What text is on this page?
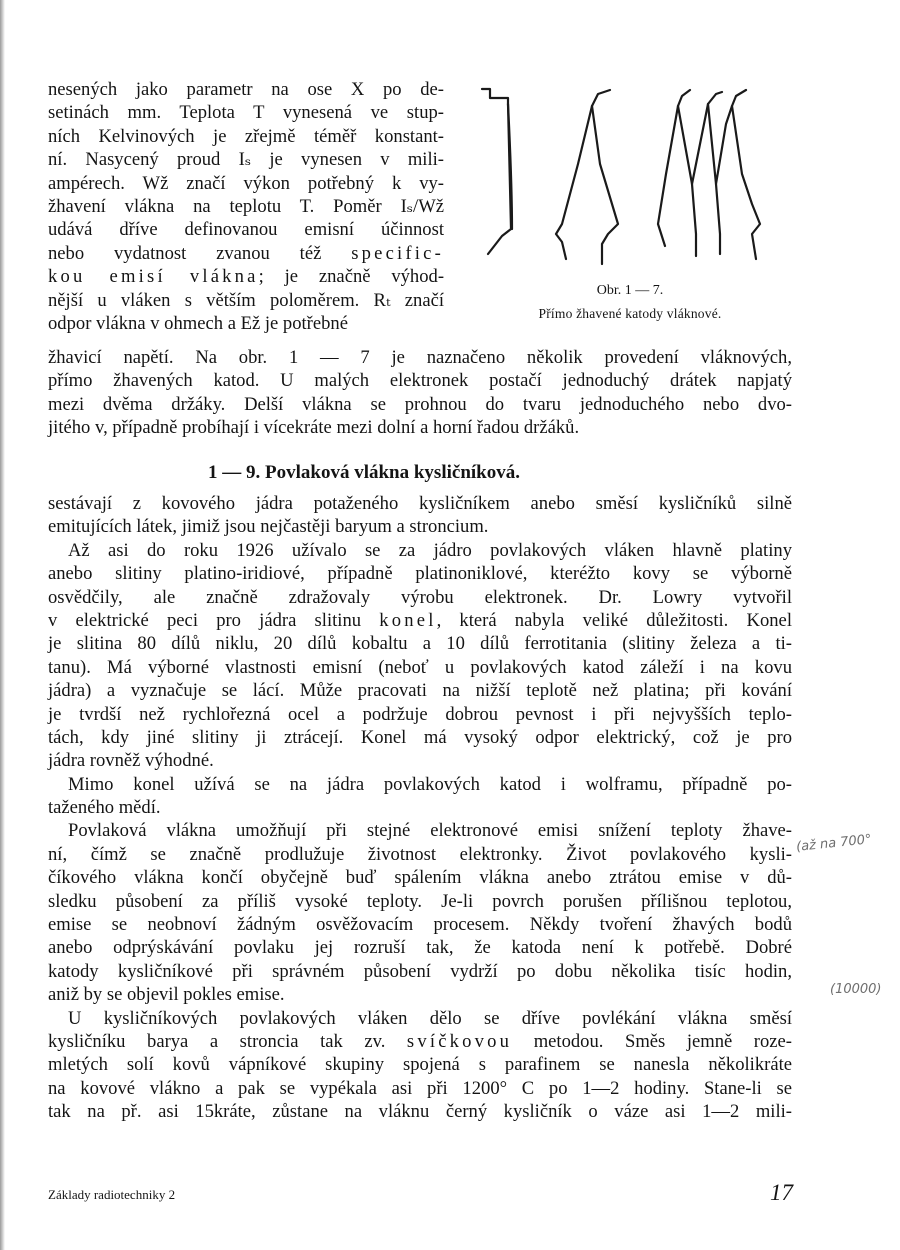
nesených jako parametr na ose X po de-
setinách mm. Teplota T vynesená ve stup-
ních Kelvinových je zřejmě téměř konstant-
ní. Nasycený proud Iₛ je vynesen v mili-
ampérech. Wž značí výkon potřebný k vy-
žhavení vlákna na teplotu T. Poměr Iₛ/Wž
udává dříve definovanou emisní účinnost
nebo vydatnost zvanou též specific-
kou emisí vlákna; je značně výhod-
nější u vláken s větším poloměrem. Rₜ značí
odpor vlákna v ohmech a Ež je potřebné
Obr. 1 — 7.
Přímo žhavené katody vláknové.
žhavicí napětí. Na obr. 1 — 7 je naznačeno několik provedení vláknových,
přímo žhavených katod. U malých elektronek postačí jednoduchý drátek napjatý
mezi dvěma držáky. Delší vlákna se prohnou do tvaru jednoduchého nebo dvo-
jitého v, případně probíhají i vícekráte mezi dolní a horní řadou držáků.
1 — 9. Povlaková vlákna kysličníková.
sestávají z kovového jádra potaženého kysličníkem anebo směsí kysličníků silně
emitujících látek, jimiž jsou nejčastěji baryum a stroncium.
Až asi do roku 1926 užívalo se za jádro povlakových vláken hlavně platiny
anebo slitiny platino-iridiové, případně platinoniklové, kteréžto kovy se výborně
osvědčily, ale značně zdražovaly výrobu elektronek. Dr. Lowry vytvořil
v elektrické peci pro jádra slitinu konel, která nabyla veliké důležitosti. Konel
je slitina 80 dílů niklu, 20 dílů kobaltu a 10 dílů ferrotitania (slitiny železa a ti-
tanu). Má výborné vlastnosti emisní (neboť u povlakových katod záleží i na kovu
jádra) a vyznačuje se lácí. Může pracovati na nižší teplotě než platina; při kování
je tvrdší než rychlořezná ocel a podržuje dobrou pevnost i při nejvyšších teplo-
tách, kdy jiné slitiny ji ztrácejí. Konel má vysoký odpor elektrický, což je pro
jádra rovněž výhodné.
Mimo konel užívá se na jádra povlakových katod i wolframu, případně po-
taženého mědí.
Povlaková vlákna umožňují při stejné elektronové emisi snížení teploty žhave-
ní, čímž se značně prodlužuje životnost elektronky. Život povlakového kysli-
číkového vlákna končí obyčejně buď spálením vlákna anebo ztrátou emise v dů-
sledku působení za příliš vysoké teploty. Je-li povrch porušen přílišnou teplotou,
emise se neobnoví žádným osvěžovacím procesem. Někdy tvoření žhavých bodů
anebo odprýskávání povlaku jej rozruší tak, že katoda není k potřebě. Dobré
katody kysličníkové při správném působení vydrží po dobu několika tisíc hodin,
aniž by se objevil pokles emise.
U kysličníkových povlakových vláken dělo se dříve povlékání vlákna směsí
kysličníku barya a stroncia tak zv. svíčkovou metodou. Směs jemně roze-
mletých solí kovů vápníkové skupiny spojená s parafinem se nanesla několikráte
na kovové vlákno a pak se vypékala asi při 1200° C po 1—2 hodiny. Stane-li se
tak na př. asi 15kráte, zůstane na vláknu černý kysličník o váze asi 1—2 mili-
(až na 700°
(10000)
Základy radiotechniky 2	17
